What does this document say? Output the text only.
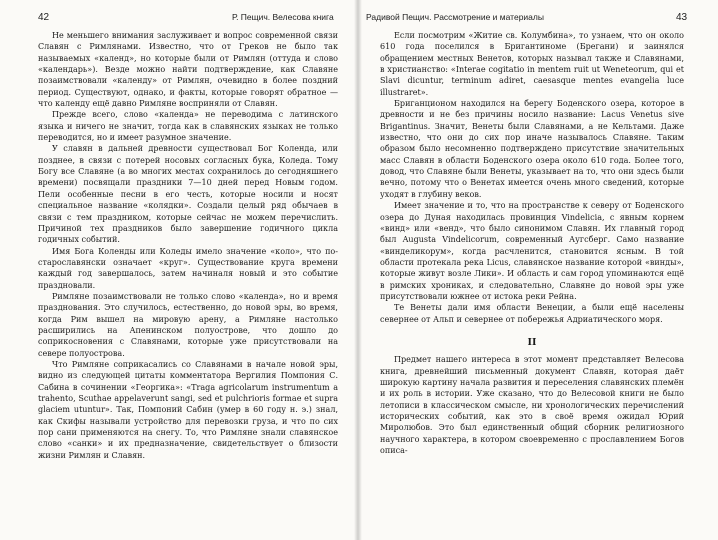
42	Р. Пещич. Велесова книга

Не меньшего внимания заслуживает и вопрос современной связи Славян с Римлянами. Известно, что от Греков не было так называемых «календ», но которые были от Римлян (оттуда и слово «календарь»). Везде можно найти подтверждение, как Славяне позаимствовали «календу» от Римлян, очевидно в более поздний период. Существуют, однако, и факты, которые говорят обратное — что календу ещё давно Римляне восприняли от Славян.

Прежде всего, слово «календа» не переводима с латинского языка и ничего не значит, тогда как в славянских языках не только переводится, но и имеет разумное значение.

У славян в дальней древности существовал Бог Коленда, или позднее, в связи с потерей носовых согласных бука, Коледа. Тому Богу все Славяне (а во многих местах сохранилось до сегодняшнего времени) посвящали праздники 7—10 дней перед Новым годом. Пели особенные песни в его честь, которые носили и носят специальное название «колядки». Создали целый ряд обычаев в связи с тем праздником, которые сейчас не можем перечислить. Причиной тех праздников было завершение годичного цикла годичных событий.

Имя Бога Коленды или Коледы имело значение «коло», что по-старославянски означает «круг». Существование круга времени каждый год завершалось, затем начиналя новый и это событие праздновали.

Римляне позаимствовали не только слово «календа», но и время празднования. Это случилось, естественно, до новой эры, во время, когда Рим вышел на мировую арену, а Римляне настолько расширились на Апенинском полуострове, что дошло до соприкосновения с Славянами, которые уже присутствовали на севере полуострова.

Что Римляне соприкасались со Славянами в начале новой эры, видно из следующей цитаты комментатора Вергилия Помпония С. Сабина в сочинении «Георгика»: «Traga agricolarum instrumentum a trahento, Scuthae appelaverunt sangi, sed et pulchrioris formae et supra glaciem utuntur». Так, Помпоний Сабин (умер в 60 году н. э.) знал, как Скифы называли устройство для перевозки груза, и что по сих пор сани применяются на снегу. То, что Римляне знали славянское слово «санки» и их предназначение, свидетельствует о близости жизни Римлян и Славян.

Радивой Пещич. Рассмотрение и материалы	43

Если посмотрим «Житие св. Колумбина», то узнаем, что он около 610 года поселился в Бригантиноме (Брегани) и заинялся обращением местных Венетов, которых называл также и Славянами, в христианство: «Interae cogitatio in mentem ruit ut Weneteorum, qui et Slavi dicuntur, terminum adiret, caesasque mentes evangelia luce illustraret».

Бриганционом находился на берегу Боденского озера, которое в древности и не без причины носило название: Lacus Venetus sive Brigantinus. Значит, Венеты были Славянами, а не Кельтами. Даже известно, что они до сих пор иначе называлось Славяне. Таким образом было несомненно подтверждено присутствие значительных масс Славян в области Боденского озера около 610 года. Более того, довод, что Славяне были Венеты, указывает на то, что они здесь были вечно, потому что о Венетах имеется очень много сведений, которые уходят в глубину веков.

Имеет значение и то, что на пространстве к северу от Боденского озера до Дуная находилась провинция Vindelicia, с явным корнем «винд» или «венд», что было синонимом Славян. Их главный город был Augusta Vindelicorum, современный Аугсберг. Само название «винделикорум», когда расчленится, становится ясным. В той области протекала река Licus, славянское название которой «винды», которые живут возле Лики». И область и сам город упоминаются ещё в римских хрониках, и следовательно, Славяне до новой эры уже присутствовали южнее от истока реки Рейна.

Те Венеты дали имя области Венеции, а были ещё населены севернее от Альп и севернее от побережья Адриатического моря.

II

Предмет нашего интереса в этот момент представляет Велесова книга, древнейший письменный документ Славян, которая даёт широкую картину начала развития и переселения славянских племён и их роль в истории. Уже сказано, что до Велесовой книги не было летописи в классическом смысле, ни хронологических перечислений исторических событий, как это в своё время ожидал Юрий Миролюбов. Это был единственный общий сборник религиозного научного характера, в котором своевременно с прославлением Богов описа-
